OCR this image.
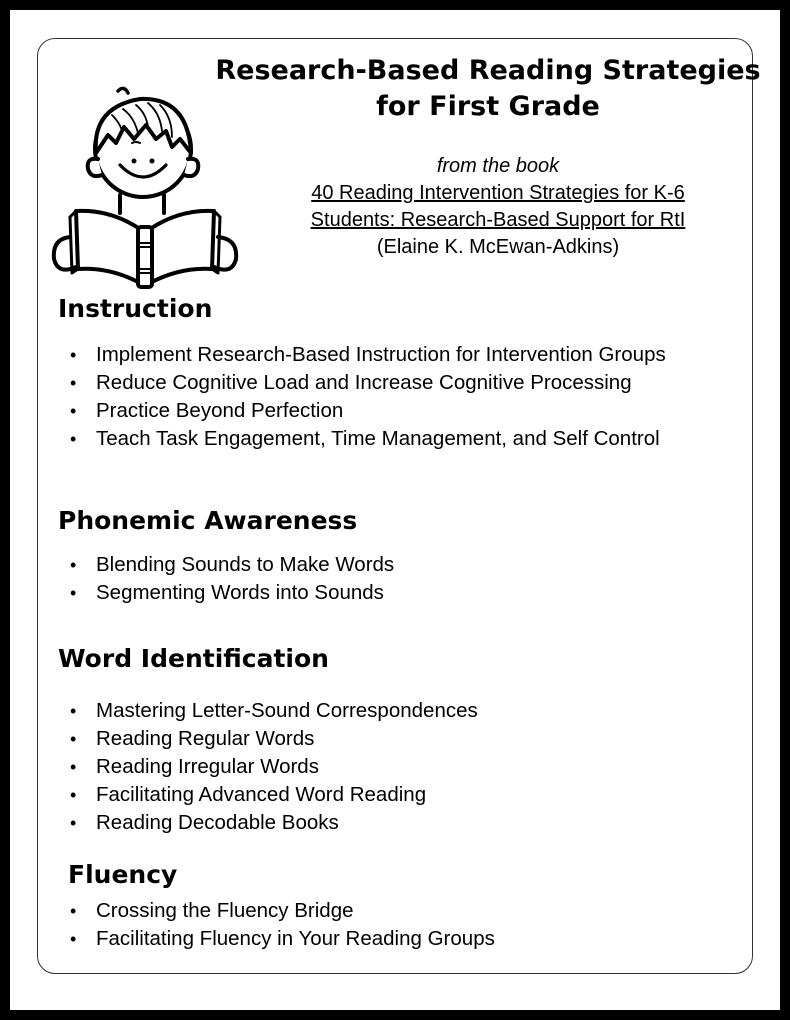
Research-Based Reading Strategies
for First Grade
from the book
40 Reading Intervention Strategies for K-6
Students: Research-Based Support for RtI
(Elaine K. McEwan-Adkins)
Instruction
• Implement Research-Based Instruction for Intervention Groups
• Reduce Cognitive Load and Increase Cognitive Processing
• Practice Beyond Perfection
• Teach Task Engagement, Time Management, and Self Control
Phonemic Awareness
• Blending Sounds to Make Words
• Segmenting Words into Sounds
Word Identification
• Mastering Letter-Sound Correspondences
• Reading Regular Words
• Reading Irregular Words
• Facilitating Advanced Word Reading
• Reading Decodable Books
Fluency
• Crossing the Fluency Bridge
• Facilitating Fluency in Your Reading Groups
